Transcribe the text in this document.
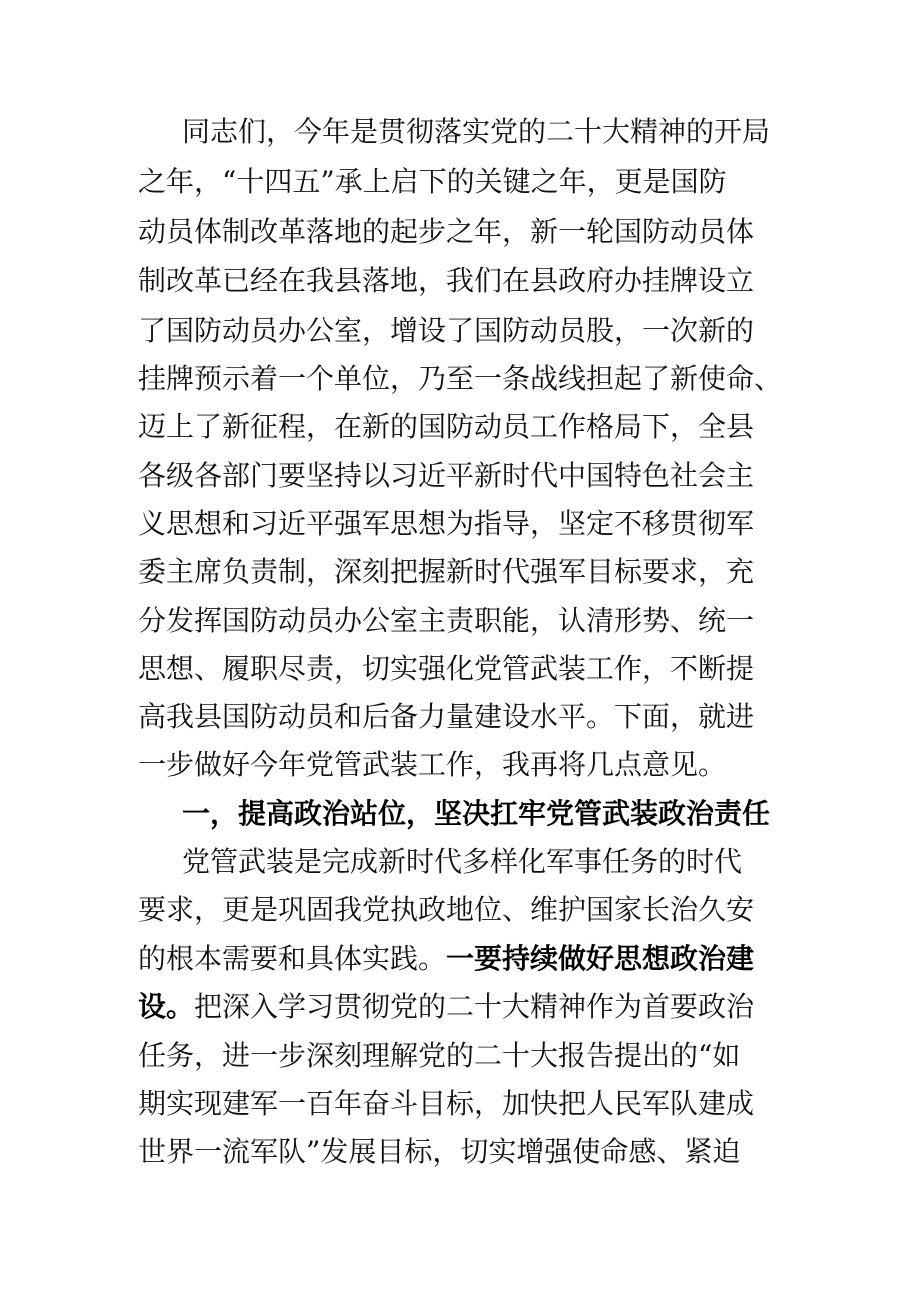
同志们，今年是贯彻落实党的二十大精神的开局
之年，“十四五”承上启下的关键之年，更是国防
动员体制改革落地的起步之年，新一轮国防动员体
制改革已经在我县落地，我们在县政府办挂牌设立
了国防动员办公室，增设了国防动员股，一次新的
挂牌预示着一个单位，乃至一条战线担起了新使命、
迈上了新征程，在新的国防动员工作格局下，全县
各级各部门要坚持以习近平新时代中国特色社会主
义思想和习近平强军思想为指导，坚定不移贯彻军
委主席负责制，深刻把握新时代强军目标要求，充
分发挥国防动员办公室主责职能，认清形势、统一
思想、履职尽责，切实强化党管武装工作，不断提
高我县国防动员和后备力量建设水平。下面，就进
一步做好今年党管武装工作，我再将几点意见。
一，提高政治站位，坚决扛牢党管武装政治责任
党管武装是完成新时代多样化军事任务的时代
要求，更是巩固我党执政地位、维护国家长治久安
的根本需要和具体实践。一要持续做好思想政治建
设。把深入学习贯彻党的二十大精神作为首要政治
任务，进一步深刻理解党的二十大报告提出的“如
期实现建军一百年奋斗目标，加快把人民军队建成
世界一流军队”发展目标，切实增强使命感、紧迫
